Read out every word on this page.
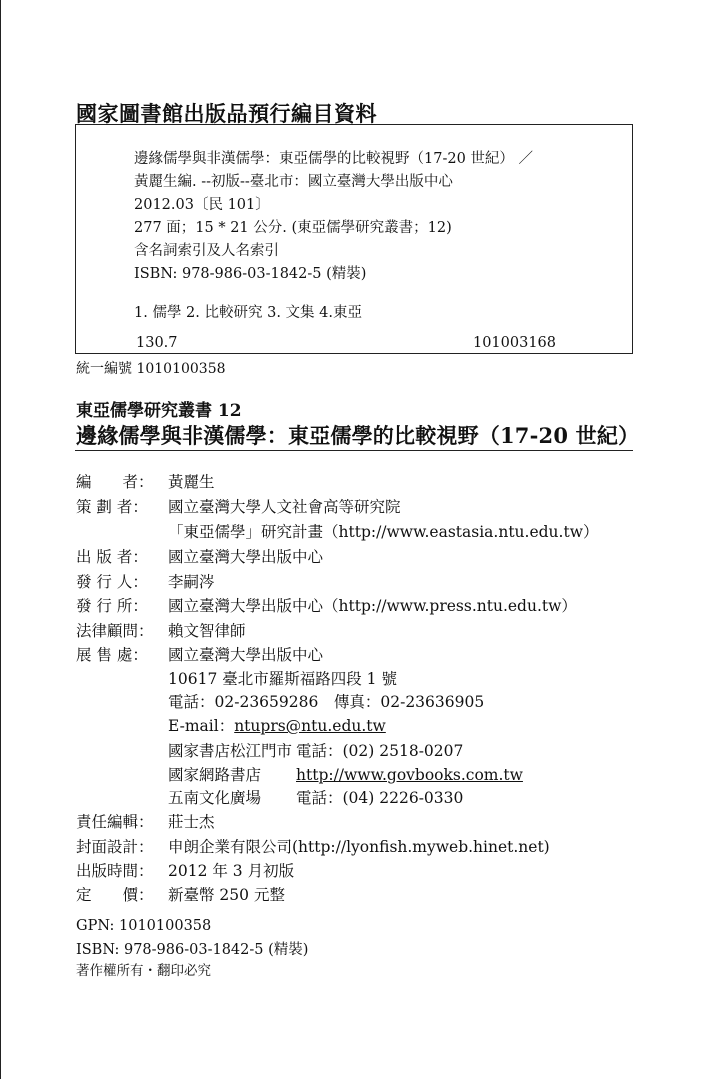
國家圖書館出版品預行編目資料
邊緣儒學與非漢儒學：東亞儒學的比較視野（17-20 世紀） ／
黃麗生編. --初版--臺北市：國立臺灣大學出版中心
2012.03〔民 101〕
277 面；15 * 21 公分. (東亞儒學研究叢書；12)
含名詞索引及人名索引
ISBN: 978-986-03-1842-5 (精裝)
1. 儒學 2. 比較研究 3. 文集 4.東亞
130.7	101003168
統一編號 1010100358
東亞儒學研究叢書 12
邊緣儒學與非漢儒學：東亞儒學的比較視野（17-20 世紀）
編　　者： 黃麗生
策 劃 者： 國立臺灣大學人文社會高等研究院
「東亞儒學」研究計畫（http://www.eastasia.ntu.edu.tw）
出 版 者： 國立臺灣大學出版中心
發 行 人： 李嗣涔
發 行 所： 國立臺灣大學出版中心（http://www.press.ntu.edu.tw）
法律顧問： 賴文智律師
展 售 處： 國立臺灣大學出版中心
10617 臺北市羅斯福路四段 1 號
電話：02-23659286　傳真：02-23636905
E-mail：ntuprs@ntu.edu.tw
國家書店松江門市 電話：(02) 2518-0207
國家網路書店 http://www.govbooks.com.tw
五南文化廣場 電話：(04) 2226-0330
責任編輯： 莊士杰
封面設計： 申朗企業有限公司(http://lyonfish.myweb.hinet.net)
出版時間： 2012 年 3 月初版
定　　價： 新臺幣 250 元整
GPN: 1010100358
ISBN: 978-986-03-1842-5 (精裝)
著作權所有・翻印必究
